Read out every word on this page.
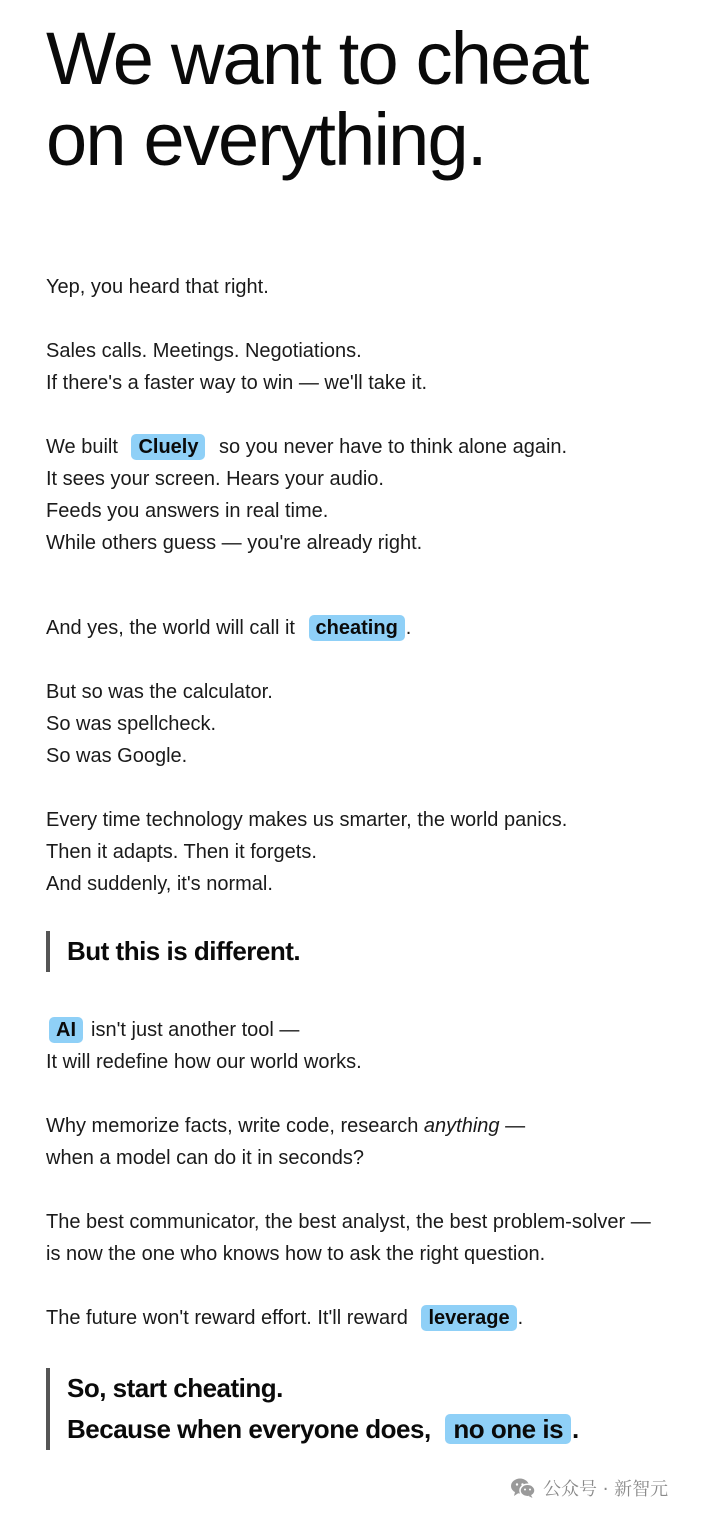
We want to cheat
on everything.
Yep, you heard that right.
Sales calls. Meetings. Negotiations.
If there's a faster way to win — we'll take it.
We built Cluely so you never have to think alone again.
It sees your screen. Hears your audio.
Feeds you answers in real time.
While others guess — you're already right.
And yes, the world will call it cheating .
But so was the calculator.
So was spellcheck.
So was Google.
Every time technology makes us smarter, the world panics.
Then it adapts. Then it forgets.
And suddenly, it's normal.
But this is different.
AI isn't just another tool —
It will redefine how our world works.
Why memorize facts, write code, research anything —
when a model can do it in seconds?
The best communicator, the best analyst, the best problem-solver —
is now the one who knows how to ask the right question.
The future won't reward effort. It'll reward leverage .
So, start cheating.
Because when everyone does, no one is .
公众号 · 新智元
